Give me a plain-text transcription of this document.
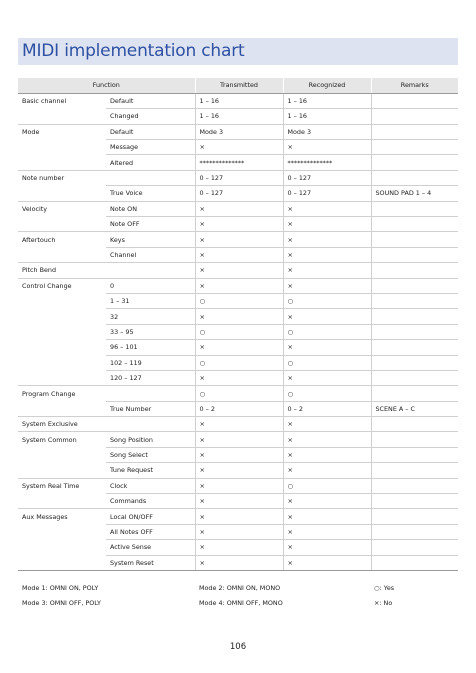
MIDI implementation chart
Function		Transmitted	Recognized	Remarks
Basic channel	Default	1 – 16	1 – 16	
	Changed	1 – 16	1 – 16	
Mode	Default	Mode 3	Mode 3	
	Message	×	×	
	Altered	**************	**************	
Note number		0 – 127	0 – 127	
	True Voice	0 – 127	0 – 127	SOUND PAD 1 – 4
Velocity	Note ON	×	×	
	Note OFF	×	×	
Aftertouch	Keys	×	×	
	Channel	×	×	
Pitch Bend		×	×	
Control Change	0	×	×	
	1 – 31	○	○	
	32	×	×	
	33 – 95	○	○	
	96 – 101	×	×	
	102 – 119	○	○	
	120 – 127	×	×	
Program Change		○	○	
	True Number	0 – 2	0 – 2	SCENE A – C
System Exclusive		×	×	
System Common	Song Position	×	×	
	Song Select	×	×	
	Tune Request	×	×	
System Real Time	Clock	×	○	
	Commands	×	×	
Aux Messages	Local ON/OFF	×	×	
	All Notes OFF	×	×	
	Active Sense	×	×	
	System Reset	×	×	
Mode 1: OMNI ON, POLY	Mode 2: OMNI ON, MONO	○: Yes
Mode 3: OMNI OFF, POLY	Mode 4: OMNI OFF, MONO	×: No
106
